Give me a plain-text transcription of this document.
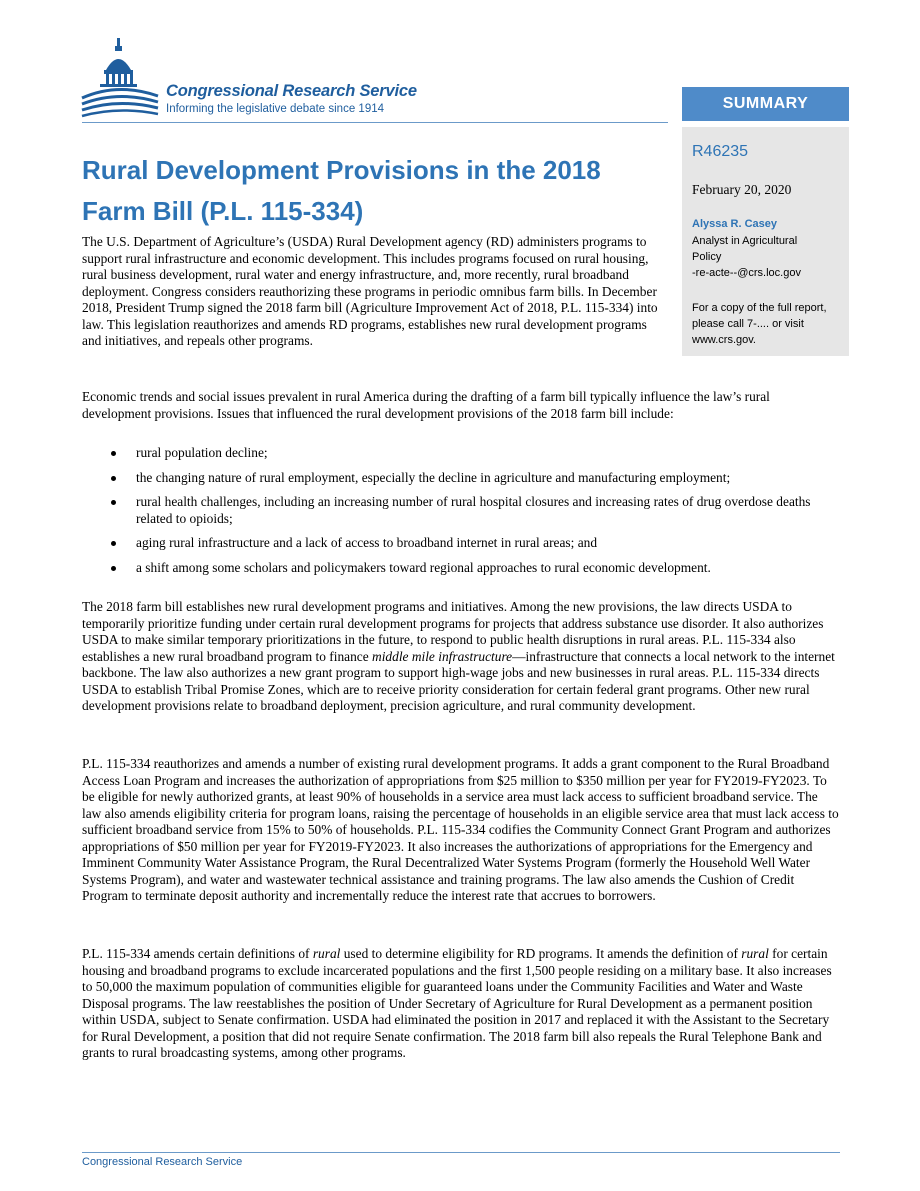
Congressional Research Service
Informing the legislative debate since 1914	SUMMARY
R46235
February 20, 2020
Alyssa R. Casey
Analyst in Agricultural
Policy
-re-acte--@crs.loc.gov
For a copy of the full report,
please call 7-.... or visit
www.crs.gov.
Rural Development Provisions in the 2018 Farm Bill (P.L. 115-334)

The U.S. Department of Agriculture’s (USDA) Rural Development agency (RD) administers programs to support rural infrastructure and economic development. This includes programs focused on rural housing, rural business development, rural water and energy infrastructure, and, more recently, rural broadband deployment. Congress considers reauthorizing these programs in periodic omnibus farm bills. In December 2018, President Trump signed the 2018 farm bill (Agriculture Improvement Act of 2018, P.L. 115-334) into law. This legislation reauthorizes and amends RD programs, establishes new rural development programs and initiatives, and repeals other programs.

Economic trends and social issues prevalent in rural America during the drafting of a farm bill typically influence the law’s rural development provisions. Issues that influenced the rural development provisions of the 2018 farm bill include:

rural population decline;
the changing nature of rural employment, especially the decline in agriculture and manufacturing employment;
rural health challenges, including an increasing number of rural hospital closures and increasing rates of drug overdose deaths related to opioids;
aging rural infrastructure and a lack of access to broadband internet in rural areas; and
a shift among some scholars and policymakers toward regional approaches to rural economic development.

The 2018 farm bill establishes new rural development programs and initiatives. Among the new provisions, the law directs USDA to temporarily prioritize funding under certain rural development programs for projects that address substance use disorder. It also authorizes USDA to make similar temporary prioritizations in the future, to respond to public health disruptions in rural areas. P.L. 115-334 also establishes a new rural broadband program to finance middle mile infrastructure—infrastructure that connects a local network to the internet backbone. The law also authorizes a new grant program to support high-wage jobs and new businesses in rural areas. P.L. 115-334 directs USDA to establish Tribal Promise Zones, which are to receive priority consideration for certain federal grant programs. Other new rural development provisions relate to broadband deployment, precision agriculture, and rural community development.

P.L. 115-334 reauthorizes and amends a number of existing rural development programs. It adds a grant component to the Rural Broadband Access Loan Program and increases the authorization of appropriations from $25 million to $350 million per year for FY2019-FY2023. To be eligible for newly authorized grants, at least 90% of households in a service area must lack access to sufficient broadband service. The law also amends eligibility criteria for program loans, raising the percentage of households in an eligible service area that must lack access to sufficient broadband service from 15% to 50% of households. P.L. 115-334 codifies the Community Connect Grant Program and authorizes appropriations of $50 million per year for FY2019-FY2023. It also increases the authorizations of appropriations for the Emergency and Imminent Community Water Assistance Program, the Rural Decentralized Water Systems Program (formerly the Household Well Water Systems Program), and water and wastewater technical assistance and training programs. The law also amends the Cushion of Credit Program to terminate deposit authority and incrementally reduce the interest rate that accrues to borrowers.

P.L. 115-334 amends certain definitions of rural used to determine eligibility for RD programs. It amends the definition of rural for certain housing and broadband programs to exclude incarcerated populations and the first 1,500 people residing on a military base. It also increases to 50,000 the maximum population of communities eligible for guaranteed loans under the Community Facilities and Water and Waste Disposal programs. The law reestablishes the position of Under Secretary of Agriculture for Rural Development as a permanent position within USDA, subject to Senate confirmation. USDA had eliminated the position in 2017 and replaced it with the Assistant to the Secretary for Rural Development, a position that did not require Senate confirmation. The 2018 farm bill also repeals the Rural Telephone Bank and grants to rural broadcasting systems, among other programs.

Congressional Research Service
